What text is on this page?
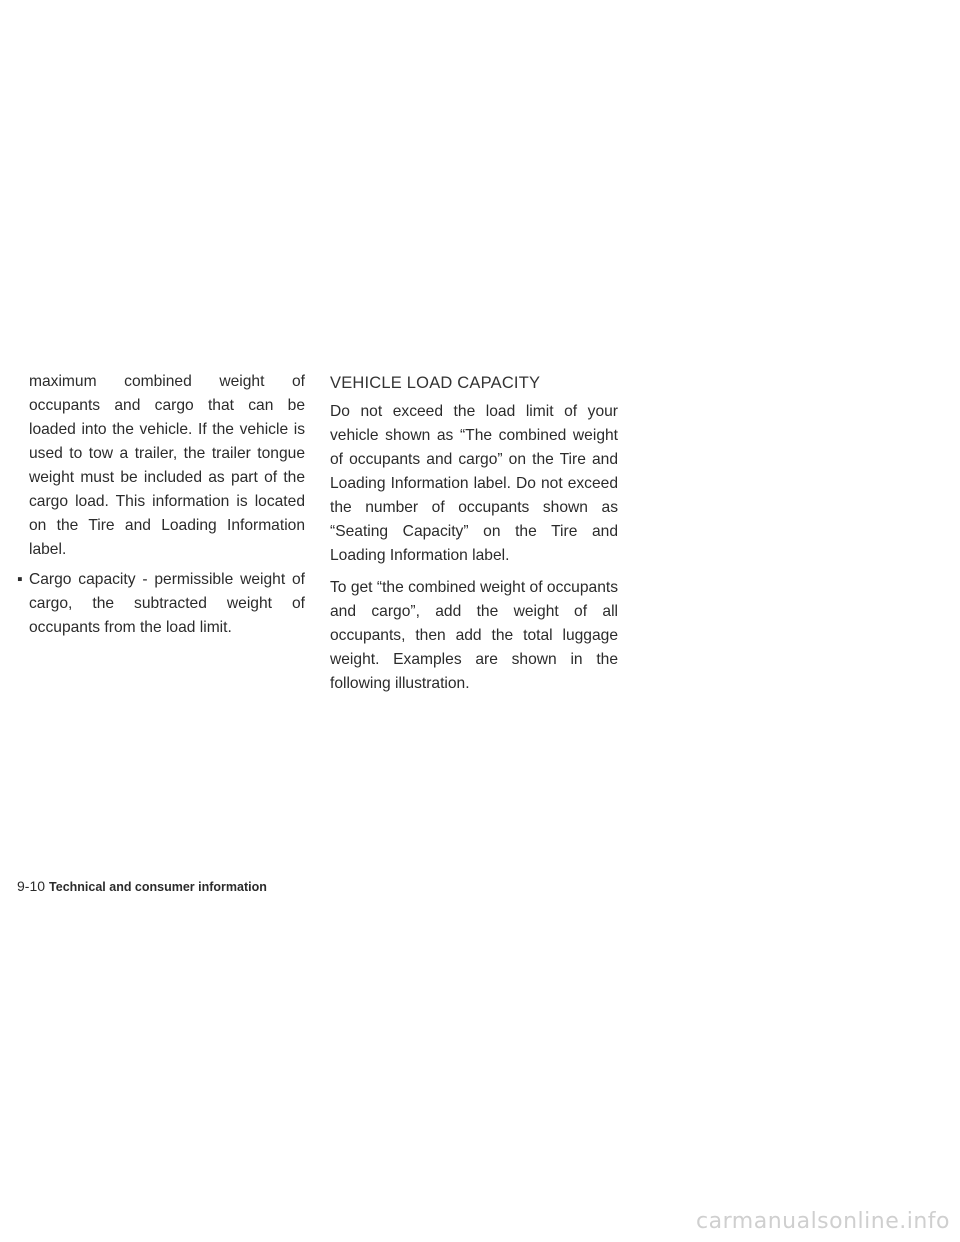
maximum combined weight of occupants and cargo that can be loaded into the vehicle. If the vehicle is used to tow a trailer, the trailer tongue weight must be included as part of the cargo load. This information is located on the Tire and Loading Information label.

▪ Cargo capacity - permissible weight of cargo, the subtracted weight of occupants from the load limit.
VEHICLE LOAD CAPACITY

Do not exceed the load limit of your vehicle shown as “The combined weight of occupants and cargo” on the Tire and Loading Information label. Do not exceed the number of occupants shown as “Seating Capacity” on the Tire and Loading Information label.

To get “the combined weight of occupants and cargo”, add the weight of all occupants, then add the total luggage weight. Examples are shown in the following illustration.

9-10 Technical and consumer information
carmanualsonline.info
